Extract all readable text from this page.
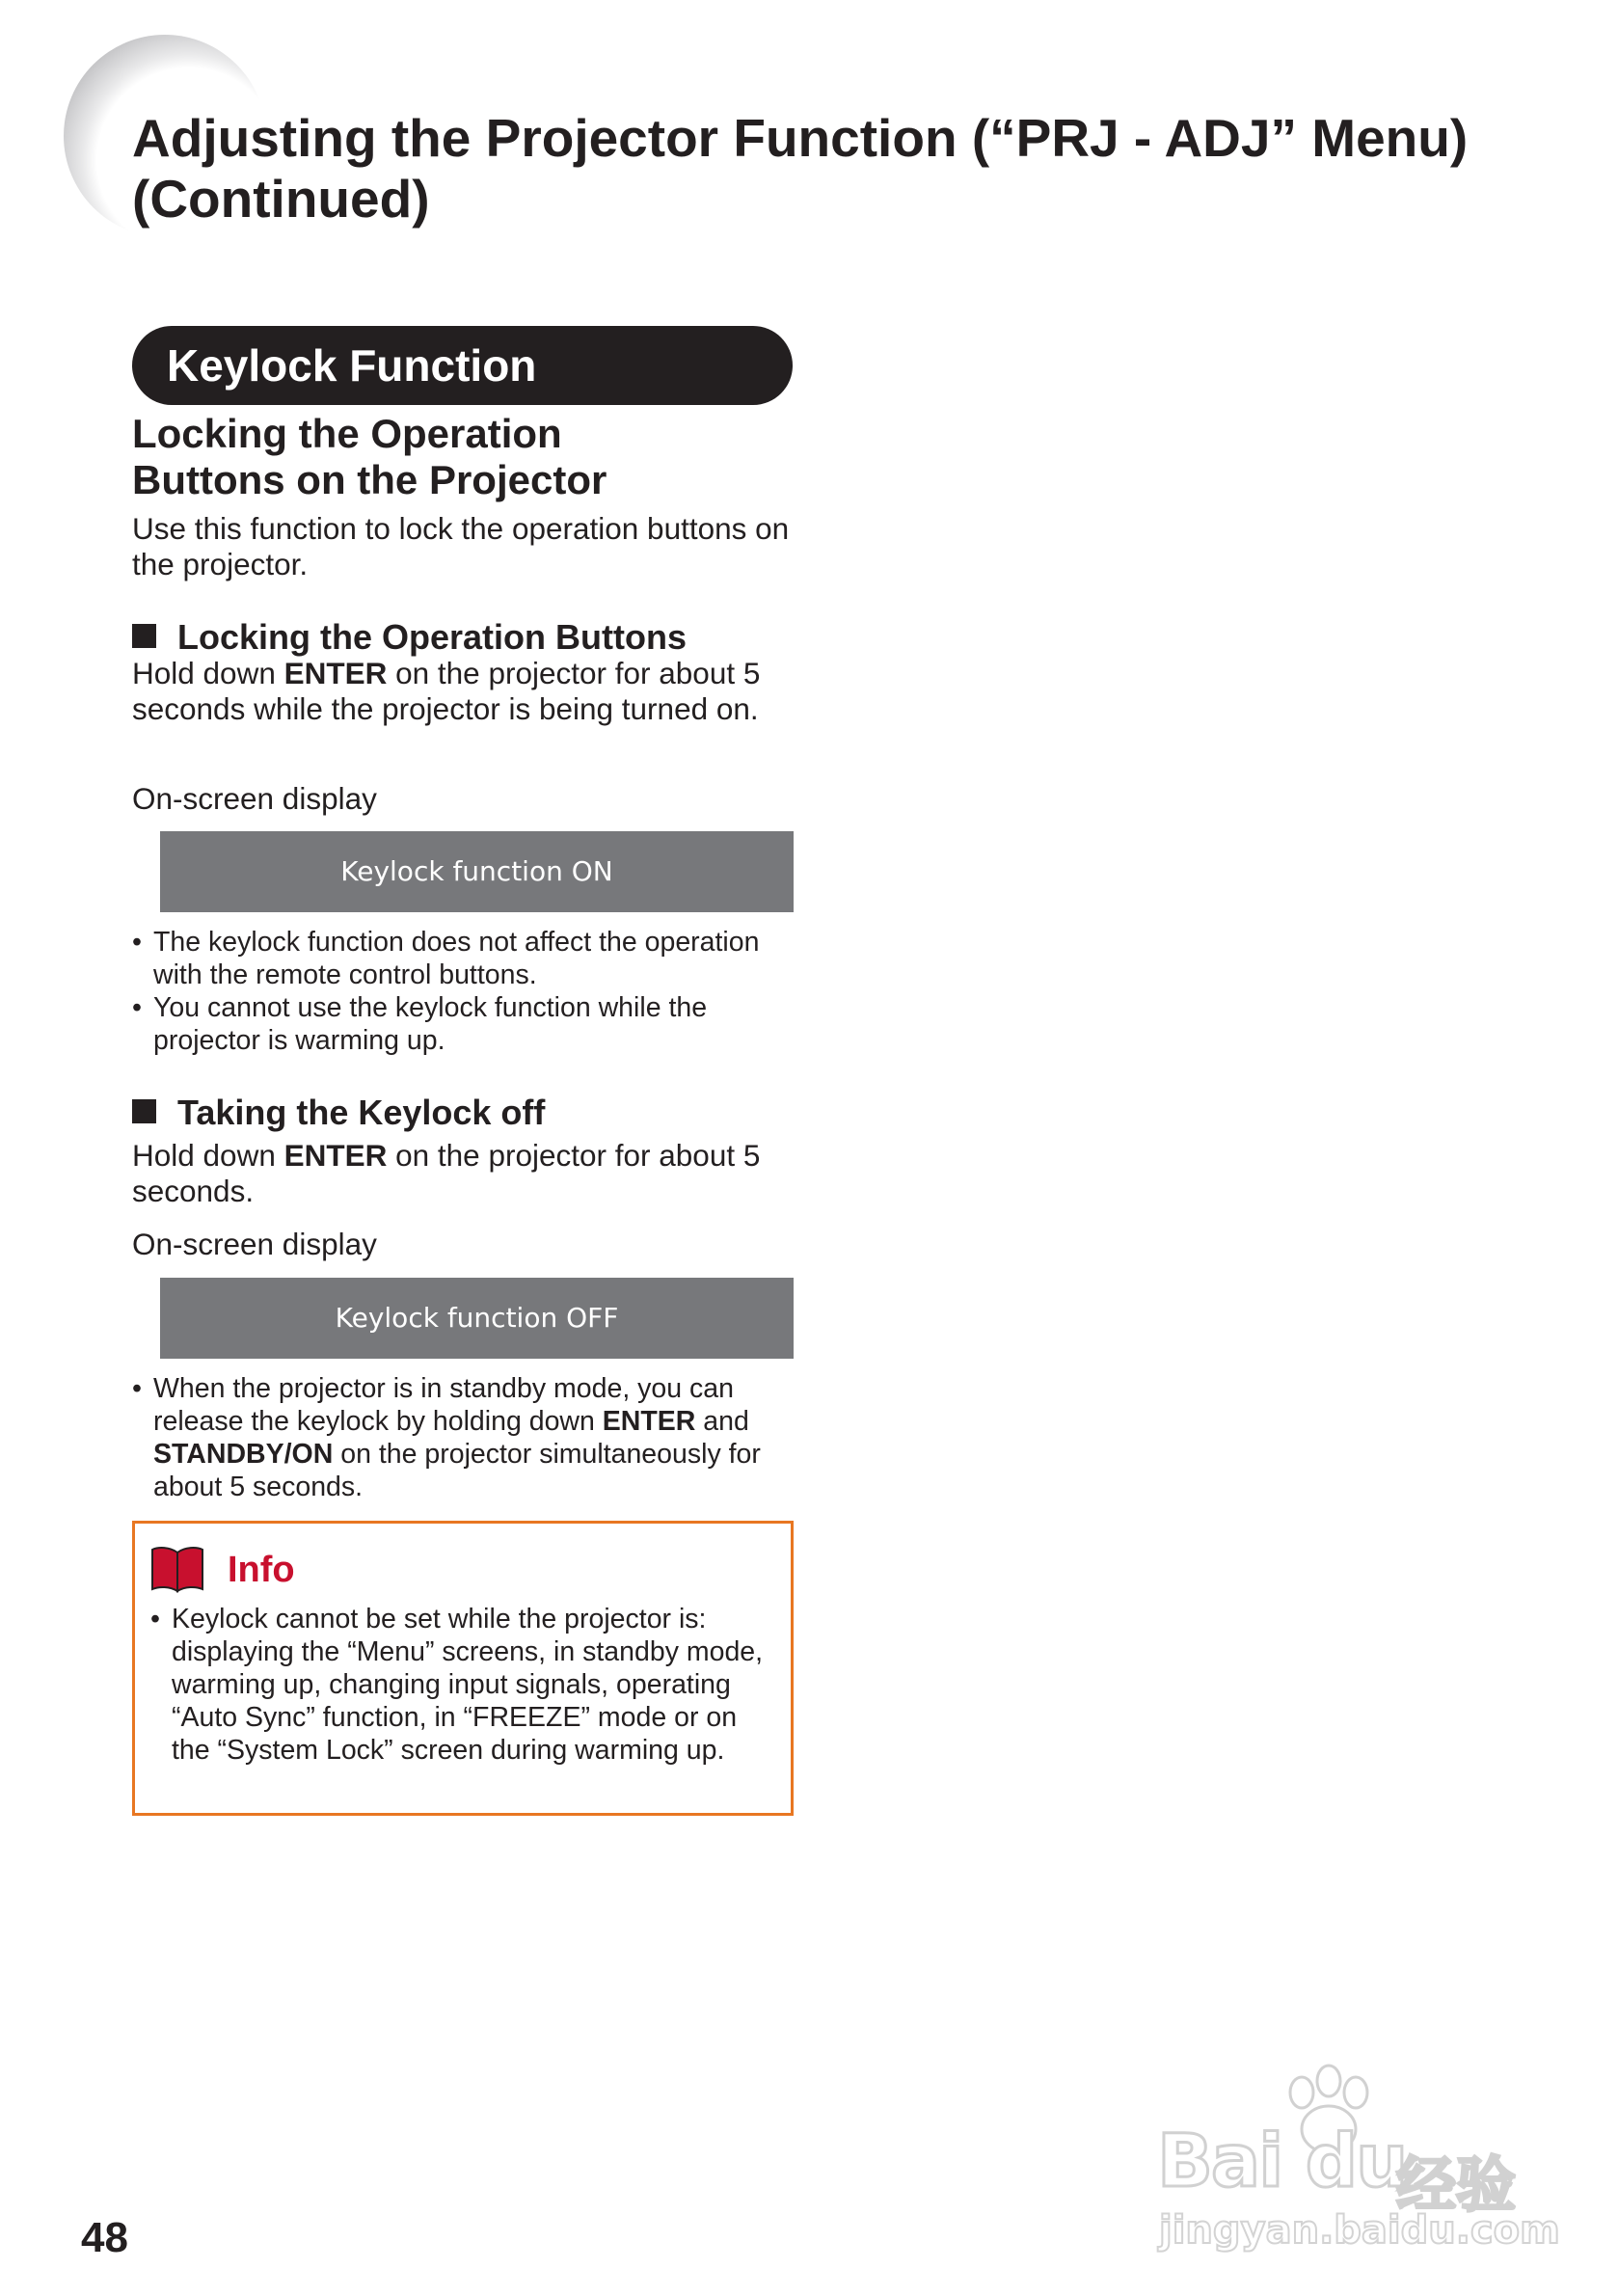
Adjusting the Projector Function (“PRJ - ADJ” Menu)
(Continued)
Keylock Function
Locking the Operation
Buttons on the Projector
Use this function to lock the operation buttons on the projector.
Locking the Operation Buttons
Hold down ENTER on the projector for about 5 seconds while the projector is being turned on.
On-screen display
Keylock function ON
• The keylock function does not affect the operation with the remote control buttons.
• You cannot use the keylock function while the projector is warming up.
Taking the Keylock off
Hold down ENTER on the projector for about 5 seconds.
On-screen display
Keylock function OFF
• When the projector is in standby mode, you can release the keylock by holding down ENTER and STANDBY/ON on the projector simultaneously for about 5 seconds.
Info
• Keylock cannot be set while the projector is: displaying the “Menu” screens, in standby mode, warming up, changing input signals, operating “Auto Sync” function, in “FREEZE” mode or on the “System Lock” screen during warming up.
48
Bai du
经验
jingyan.baidu.com
